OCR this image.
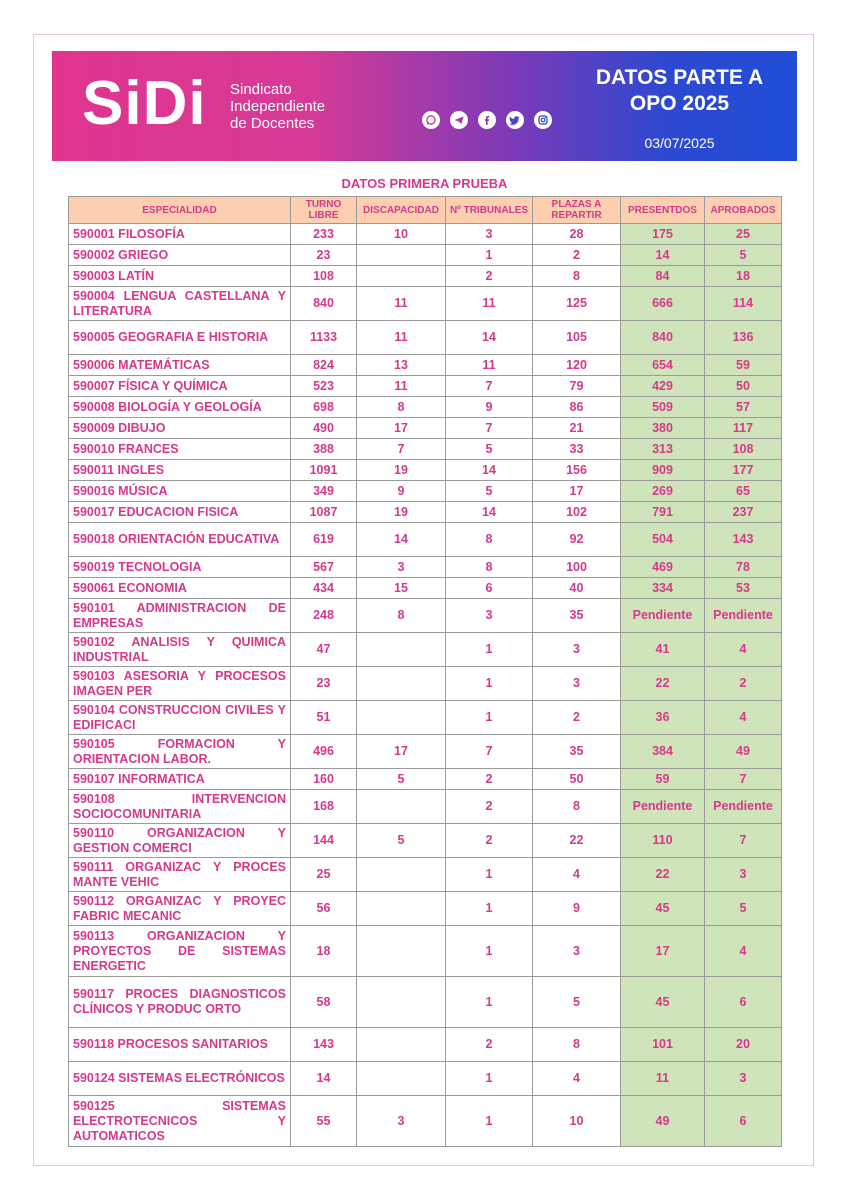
SiDi Sindicato
Independiente
de Docentes
DATOS PARTE A
OPO 2025
03/07/2025
DATOS PRIMERA PRUEBA
ESPECIALIDAD	TURNO LIBRE	DISCAPACIDAD	Nº TRIBUNALES	PLAZAS A REPARTIR	PRESENTDOS	APROBADOS
590001 FILOSOFÍA	233	10	3	28	175	25
590002 GRIEGO	23		1	2	14	5
590003 LATÍN	108		2	8	84	18
590004 LENGUA CASTELLANA Y LITERATURA	840	11	11	125	666	114
590005 GEOGRAFIA E HISTORIA	1133	11	14	105	840	136
590006 MATEMÁTICAS	824	13	11	120	654	59
590007 FÍSICA Y QUÍMICA	523	11	7	79	429	50
590008 BIOLOGÍA Y GEOLOGÍA	698	8	9	86	509	57
590009 DIBUJO	490	17	7	21	380	117
590010 FRANCES	388	7	5	33	313	108
590011 INGLES	1091	19	14	156	909	177
590016 MÚSICA	349	9	5	17	269	65
590017 EDUCACION FISICA	1087	19	14	102	791	237
590018 ORIENTACIÓN EDUCATIVA	619	14	8	92	504	143
590019 TECNOLOGIA	567	3	8	100	469	78
590061 ECONOMIA	434	15	6	40	334	53
590101 ADMINISTRACION DE EMPRESAS	248	8	3	35	Pendiente	Pendiente
590102 ANALISIS Y QUIMICA INDUSTRIAL	47		1	3	41	4
590103 ASESORIA Y PROCESOS IMAGEN PER	23		1	3	22	2
590104 CONSTRUCCION CIVILES Y EDIFICACI	51		1	2	36	4
590105 FORMACION Y ORIENTACION LABOR.	496	17	7	35	384	49
590107 INFORMATICA	160	5	2	50	59	7
590108 INTERVENCION SOCIOCOMUNITARIA	168		2	8	Pendiente	Pendiente
590110 ORGANIZACION Y GESTION COMERCI	144	5	2	22	110	7
590111 ORGANIZAC Y PROCES MANTE VEHIC	25		1	4	22	3
590112 ORGANIZAC Y PROYEC FABRIC MECANIC	56		1	9	45	5
590113 ORGANIZACION Y PROYECTOS DE SISTEMAS ENERGETIC	18		1	3	17	4
590117 PROCES DIAGNOSTICOS CLÍNICOS Y PRODUC ORTO	58		1	5	45	6
590118 PROCESOS SANITARIOS	143		2	8	101	20
590124 SISTEMAS ELECTRÓNICOS	14		1	4	11	3
590125 SISTEMAS ELECTROTECNICOS Y AUTOMATICOS	55	3	1	10	49	6
